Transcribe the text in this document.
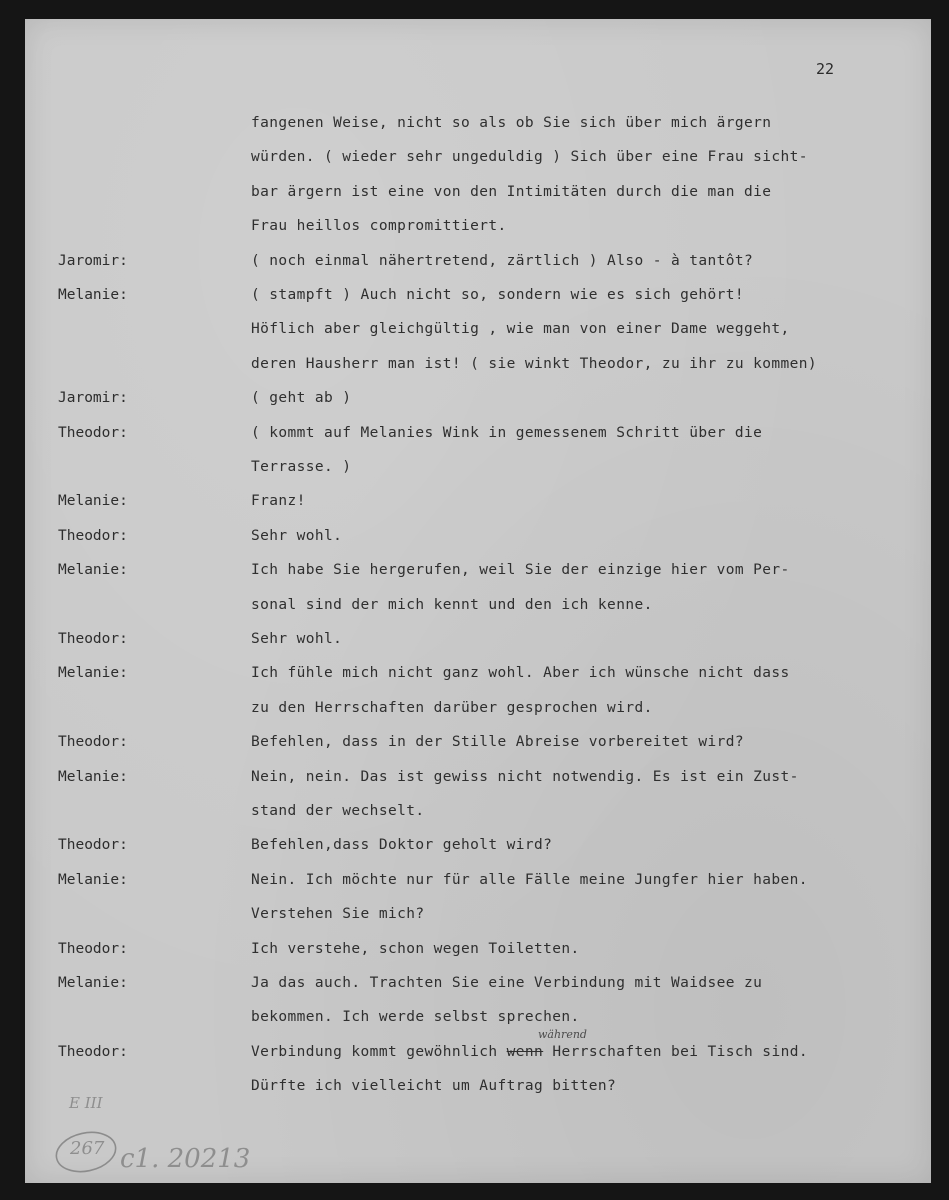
22
fangenen Weise, nicht so als ob Sie sich über mich ärgern
würden. ( wieder sehr ungeduldig ) Sich über eine Frau sicht-
bar ärgern ist eine von den Intimitäten durch die man die
Frau heillos compromittiert.
Jaromir:	( noch einmal nähertretend, zärtlich ) Also - à tantôt?
Melanie:	( stampft ) Auch nicht so, sondern wie es sich gehört!
Höflich aber gleichgültig , wie man von einer Dame weggeht,
deren Hausherr man ist! ( sie winkt Theodor, zu ihr zu kommen)
Jaromir:	( geht ab )
Theodor:	( kommt auf Melanies Wink in gemessenem Schritt über die
Terrasse. )
Melanie:	Franz!
Theodor:	Sehr wohl.
Melanie:	Ich habe Sie hergerufen, weil Sie der einzige hier vom Per-
sonal sind der mich kennt und den ich kenne.
Theodor:	Sehr wohl.
Melanie:	Ich fühle mich nicht ganz wohl. Aber ich wünsche nicht dass
zu den Herrschaften darüber gesprochen wird.
Theodor:	Befehlen, dass in der Stille Abreise vorbereitet wird?
Melanie:	Nein, nein. Das ist gewiss nicht notwendig. Es ist ein Zust-
stand der wechselt.
Theodor:	Befehlen,dass Doktor geholt wird?
Melanie:	Nein. Ich möchte nur für alle Fälle meine Jungfer hier haben.
Verstehen Sie mich?
Theodor:	Ich verstehe, schon wegen Toiletten.
Melanie:	Ja das auch. Trachten Sie eine Verbindung mit Waidsee zu
bekommen. Ich werde selbst sprechen.
Theodor:	Verbindung kommt gewöhnlich wenn Herrschaften bei Tisch sind.
während
Dürfte ich vielleicht um Auftrag bitten?
E III
267 c1. 20213
